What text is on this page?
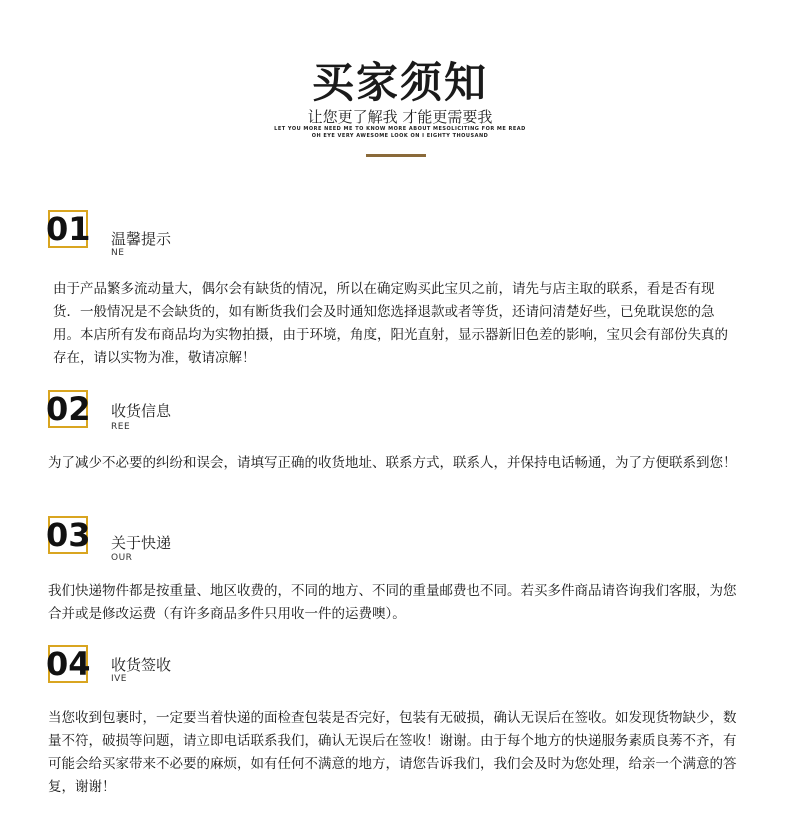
买家须知
让您更了解我 才能更需要我
LET YOU MORE NEED ME TO KNOW MORE ABOUT MESOLICITING FOR ME READ
OH EYE VERY AWESOME LOOK ON I EIGHTY THOUSAND
01 温馨提示
NE
由于产品繁多流动量大，偶尔会有缺货的情况，所以在确定购买此宝贝之前，请先与店主取的联系，看是否有现货．一般情况是不会缺货的，如有断货我们会及时通知您选择退款或者等货，还请问清楚好些，已免耽误您的急用。本店所有发布商品均为实物拍摄，由于环境，角度，阳光直射，显示器新旧色差的影响，宝贝会有部份失真的存在，请以实物为准，敬请凉解！
02 收货信息
REE
为了减少不必要的纠纷和误会，请填写正确的收货地址、联系方式，联系人，并保持电话畅通，为了方便联系到您！
03 关于快递
OUR
我们快递物件都是按重量、地区收费的，不同的地方、不同的重量邮费也不同。若买多件商品请咨询我们客服，为您合并或是修改运费（有许多商品多件只用收一件的运费噢）。
04 收货签收
IVE
当您收到包裹时，一定要当着快递的面检查包装是否完好，包装有无破损，确认无误后在签收。如发现货物缺少，数量不符，破损等问题，请立即电话联系我们，确认无误后在签收！谢谢。由于每个地方的快递服务素质良莠不齐，有可能会给买家带来不必要的麻烦，如有任何不满意的地方，请您告诉我们，我们会及时为您处理，给亲一个满意的答复，谢谢！
